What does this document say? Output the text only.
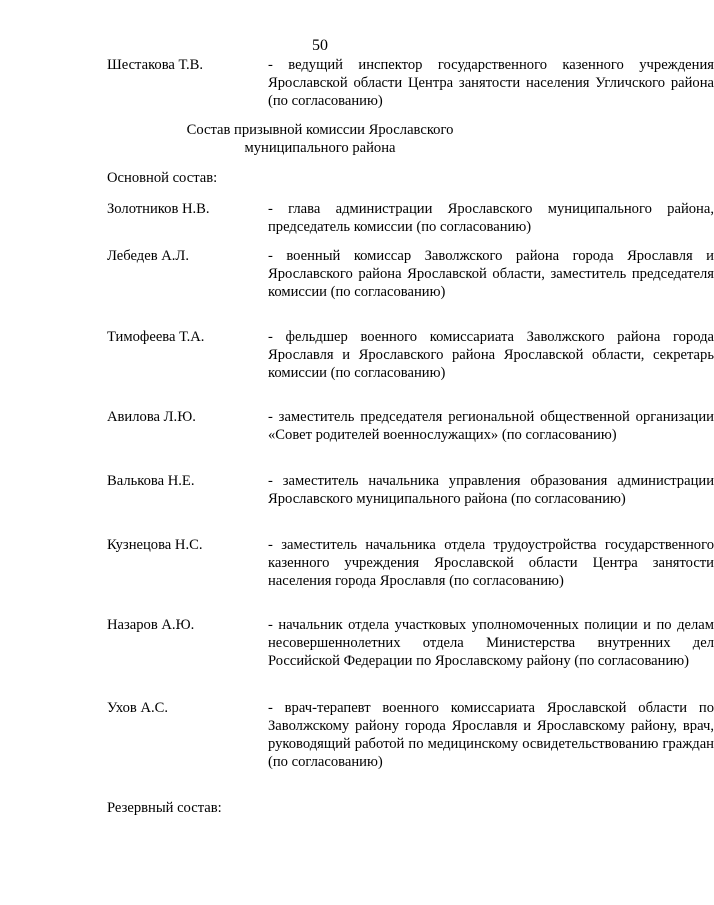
50
Шестакова Т.В.	- ведущий инспектор государственного казенного учреждения Ярославской области Центра занятости населения Угличского района (по согласованию)
Состав призывной комиссии Ярославского
муниципального района
Основной состав:
Золотников Н.В.	- глава администрации Ярославского муниципального района, председатель комиссии (по согласованию)
Лебедев А.Л.	- военный комиссар Заволжского района города Ярославля и Ярославского района Ярославской области, заместитель председателя комиссии (по согласованию)
Тимофеева Т.А.	- фельдшер военного комиссариата Заволжского района города Ярославля и Ярославского района Ярославской области, секретарь комиссии (по согласованию)
Авилова Л.Ю.	- заместитель председателя региональной общественной организации «Совет родителей военнослужащих» (по согласованию)
Валькова Н.Е.	- заместитель начальника управления образования администрации Ярославского муниципального района (по согласованию)
Кузнецова Н.С.	- заместитель начальника отдела трудоустройства государственного казенного учреждения Ярославской области Центра занятости населения города Ярославля (по согласованию)
Назаров А.Ю.	- начальник отдела участковых уполномоченных полиции и по делам несовершеннолетних отдела Министерства внутренних дел Российской Федерации по Ярославскому району (по согласованию)
Ухов А.С.	- врач-терапевт военного комиссариата Ярославской области по Заволжскому району города Ярославля и Ярославскому району, врач, руководящий работой по медицинскому освидетельствованию граждан (по согласованию)
Резервный состав:
